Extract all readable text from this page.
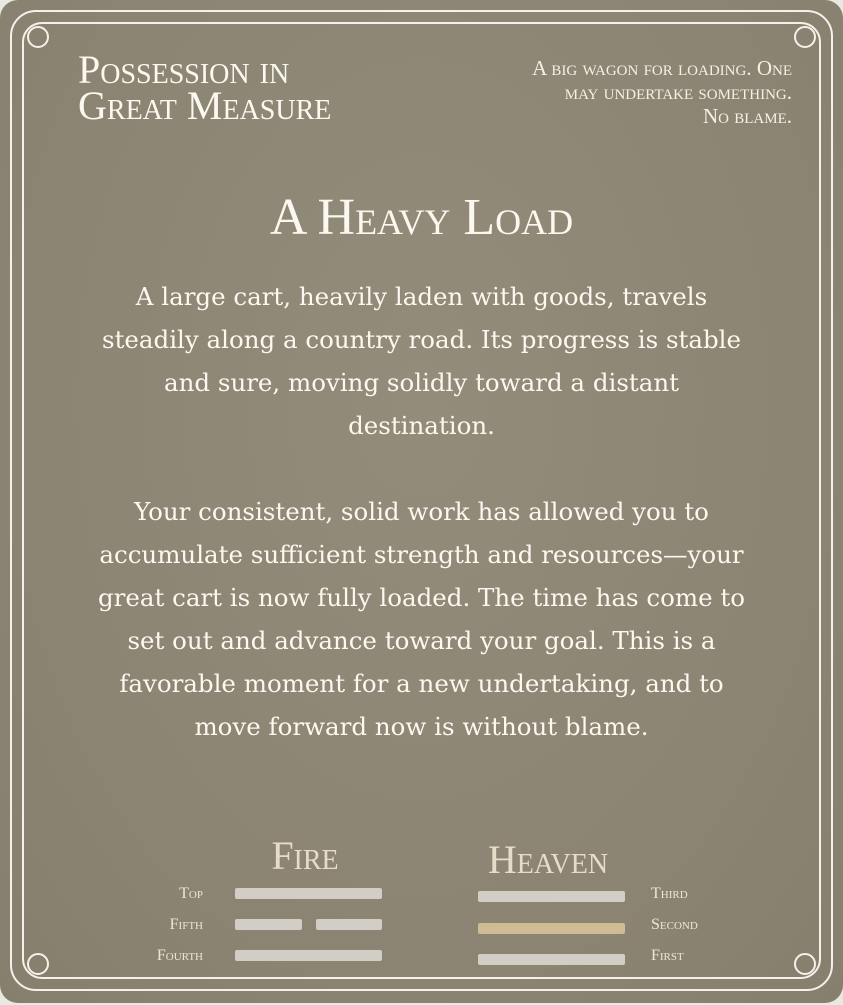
Possession in
Great Measure
A big wagon for loading. One
may undertake something.
No blame.
A Heavy Load

A large cart, heavily laden with goods, travels steadily along a country road. Its progress is stable and sure, moving solidly toward a distant destination.

Your consistent, solid work has allowed you to accumulate sufficient strength and resources—your great cart is now fully loaded. The time has come to set out and advance toward your goal. This is a favorable moment for a new undertaking, and to move forward now is without blame.

Fire
Top
Fifth
Fourth
Heaven
Third
Second
First
